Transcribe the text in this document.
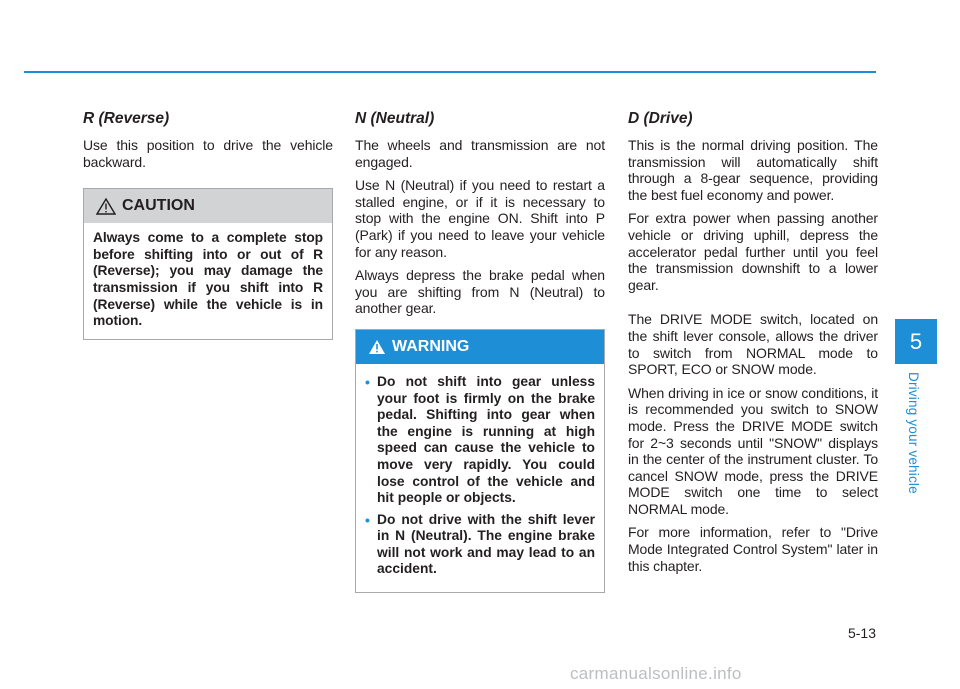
R (Reverse)

Use this position to drive the vehicle backward.

CAUTION

Always come to a complete stop before shifting into or out of R (Reverse); you may damage the transmission if you shift into R (Reverse) while the vehicle is in motion.

N (Neutral)

The wheels and transmission are not engaged.

Use N (Neutral) if you need to restart a stalled engine, or if it is necessary to stop with the engine ON. Shift into P (Park) if you need to leave your vehicle for any reason.

Always depress the brake pedal when you are shifting from N (Neutral) to another gear.

WARNING
• Do not shift into gear unless your foot is firmly on the brake pedal. Shifting into gear when the engine is running at high speed can cause the vehicle to move very rapidly. You could lose control of the vehicle and hit people or objects.
• Do not drive with the shift lever in N (Neutral). The engine brake will not work and may lead to an accident.
D (Drive)

This is the normal driving position. The transmission will automatically shift through a 8-gear sequence, providing the best fuel economy and power.

For extra power when passing another vehicle or driving uphill, depress the accelerator pedal further until you feel the transmission downshift to a lower gear.

The DRIVE MODE switch, located on the shift lever console, allows the driver to switch from NORMAL mode to SPORT, ECO or SNOW mode.

When driving in ice or snow conditions, it is recommended you switch to SNOW mode. Press the DRIVE MODE switch for 2~3 seconds until "SNOW" displays in the center of the instrument cluster. To cancel SNOW mode, press the DRIVE MODE switch one time to select NORMAL mode.

For more information, refer to "Drive Mode Integrated Control System" later in this chapter.

5
Driving your vehicle
5-13
carmanualsonline.info
